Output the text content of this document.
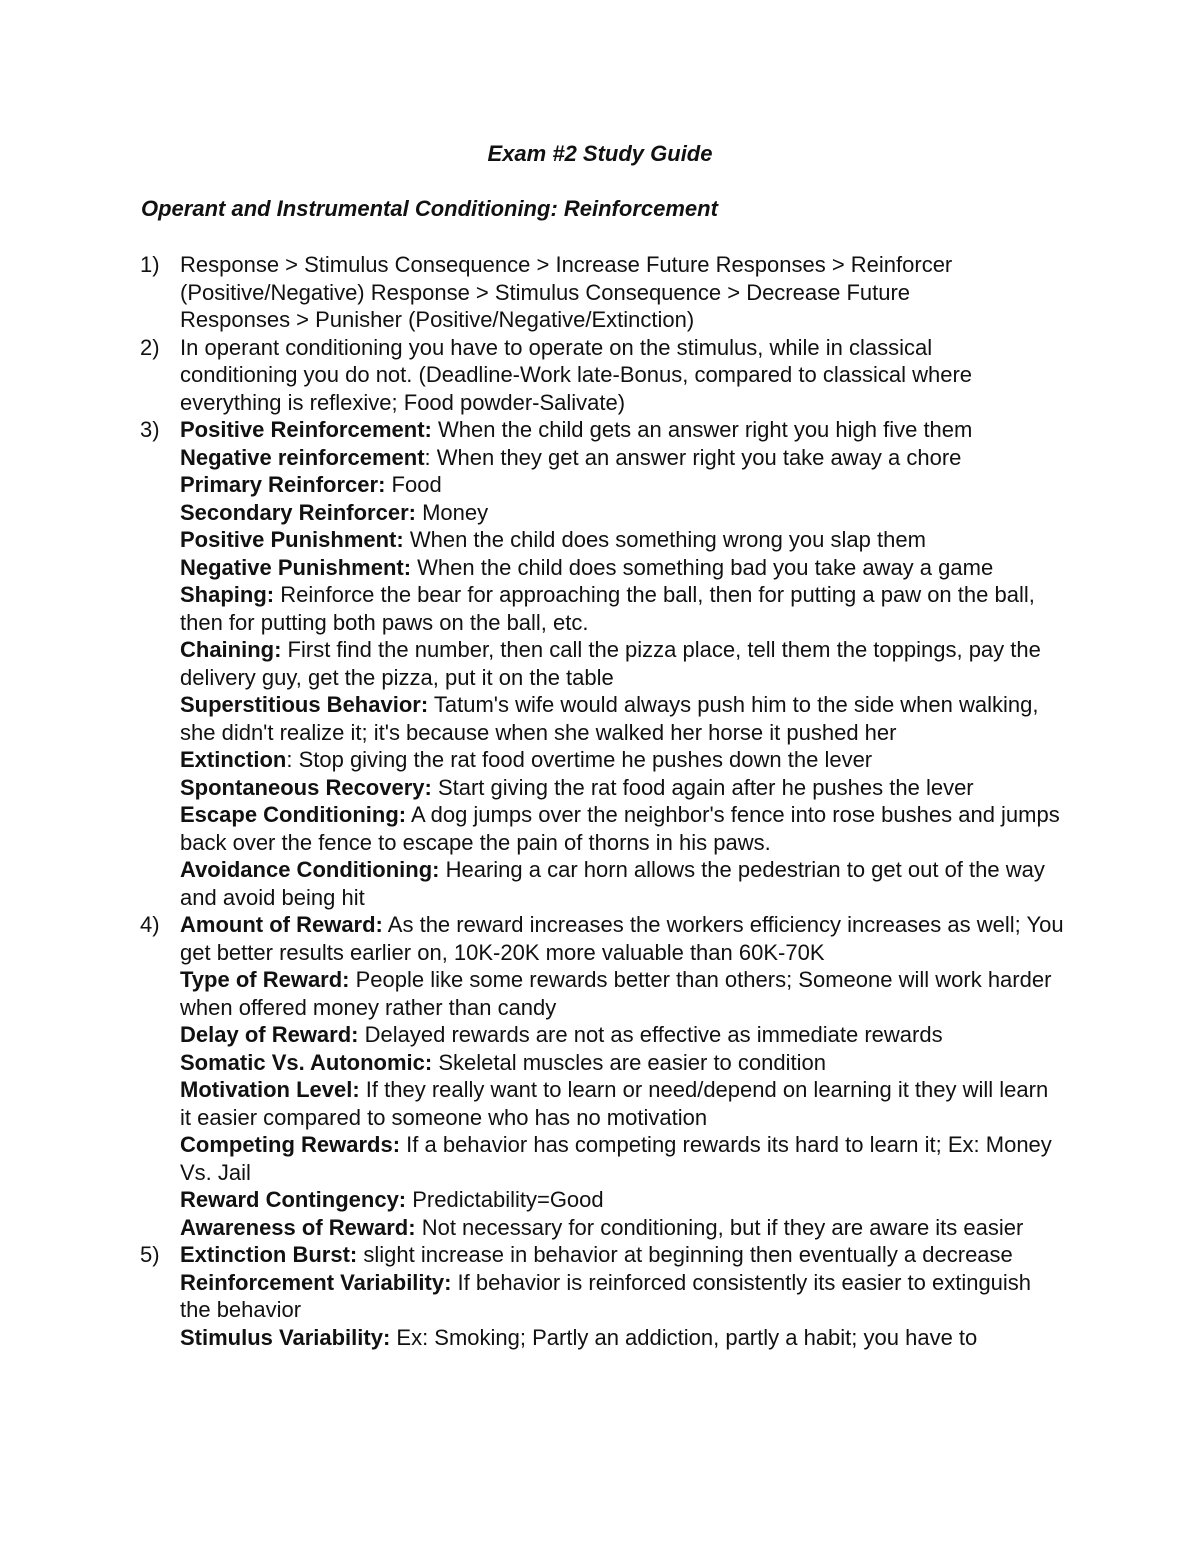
Exam #2 Study Guide
Operant and Instrumental Conditioning: Reinforcement
1) Response > Stimulus Consequence > Increase Future Responses > Reinforcer
(Positive/Negative) Response > Stimulus Consequence > Decrease Future
Responses > Punisher (Positive/Negative/Extinction)
2) In operant conditioning you have to operate on the stimulus, while in classical
conditioning you do not. (Deadline-Work late-Bonus, compared to classical where
everything is reflexive; Food powder-Salivate)
3) Positive Reinforcement: When the child gets an answer right you high five them
Negative reinforcement: When they get an answer right you take away a chore
Primary Reinforcer: Food
Secondary Reinforcer: Money
Positive Punishment: When the child does something wrong you slap them
Negative Punishment: When the child does something bad you take away a game
Shaping: Reinforce the bear for approaching the ball, then for putting a paw on the ball, then for putting both paws on the ball, etc.
Chaining: First find the number, then call the pizza place, tell them the toppings, pay the delivery guy, get the pizza, put it on the table
Superstitious Behavior: Tatum's wife would always push him to the side when walking, she didn't realize it; it's because when she walked her horse it pushed her
Extinction: Stop giving the rat food overtime he pushes down the lever
Spontaneous Recovery: Start giving the rat food again after he pushes the lever
Escape Conditioning: A dog jumps over the neighbor's fence into rose bushes and jumps back over the fence to escape the pain of thorns in his paws.
Avoidance Conditioning: Hearing a car horn allows the pedestrian to get out of the way and avoid being hit
4) Amount of Reward: As the reward increases the workers efficiency increases as well; You get better results earlier on, 10K-20K more valuable than 60K-70K
Type of Reward: People like some rewards better than others; Someone will work harder when offered money rather than candy
Delay of Reward: Delayed rewards are not as effective as immediate rewards
Somatic Vs. Autonomic: Skeletal muscles are easier to condition
Motivation Level: If they really want to learn or need/depend on learning it they will learn it easier compared to someone who has no motivation
Competing Rewards: If a behavior has competing rewards its hard to learn it; Ex: Money Vs. Jail
Reward Contingency: Predictability=Good
Awareness of Reward: Not necessary for conditioning, but if they are aware its easier
5) Extinction Burst: slight increase in behavior at beginning then eventually a decrease
Reinforcement Variability: If behavior is reinforced consistently its easier to extinguish the behavior
Stimulus Variability: Ex: Smoking; Partly an addiction, partly a habit; you have to
